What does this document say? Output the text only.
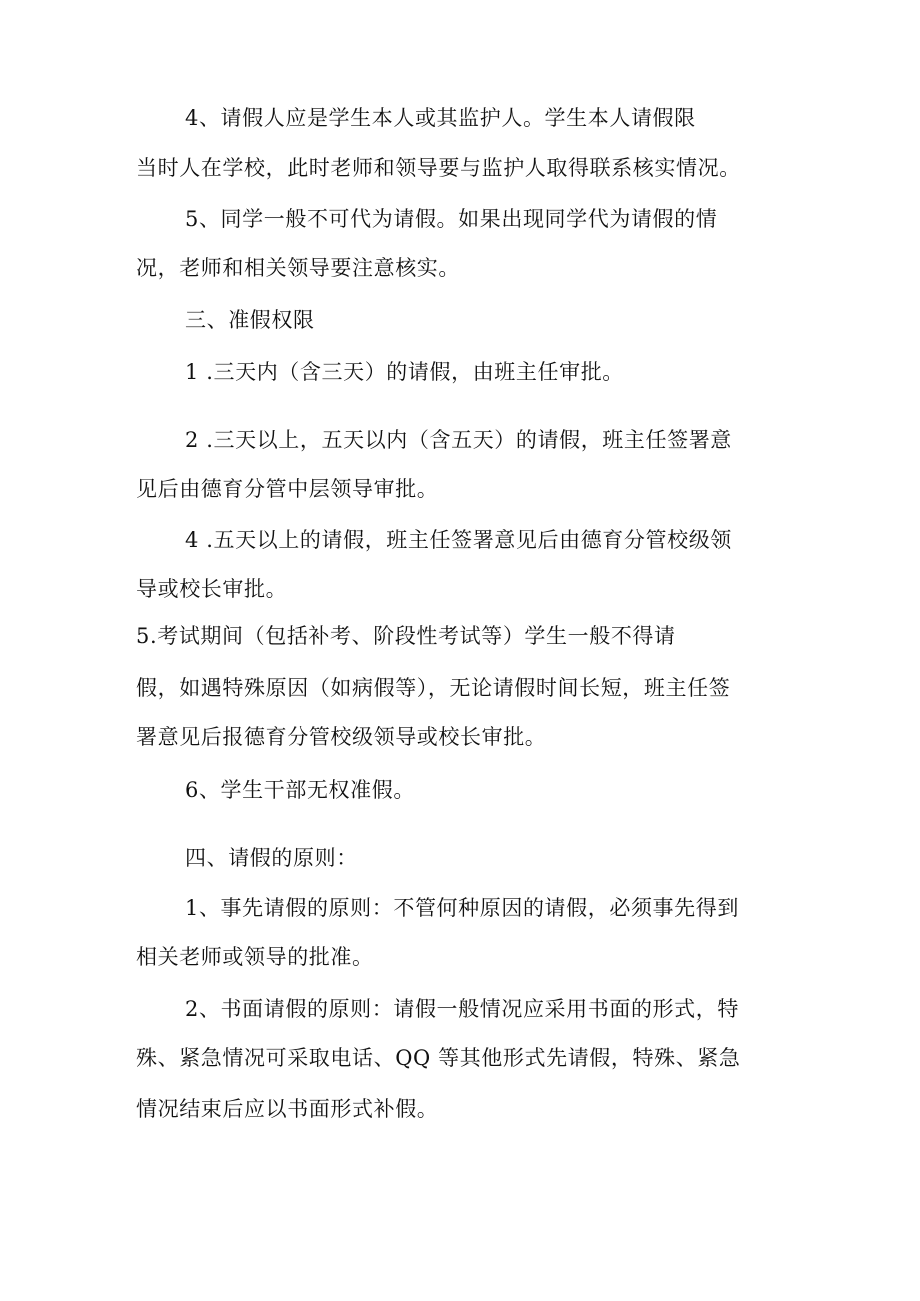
4、请假人应是学生本人或其监护人。学生本人请假限
当时人在学校，此时老师和领导要与监护人取得联系核实情况。
5、同学一般不可代为请假。如果出现同学代为请假的情
况，老师和相关领导要注意核实。
三、准假权限
1 .三天内（含三天）的请假，由班主任审批。
2 .三天以上，五天以内（含五天）的请假，班主任签署意
见后由德育分管中层领导审批。
4 .五天以上的请假，班主任签署意见后由德育分管校级领
导或校长审批。
5.考试期间（包括补考、阶段性考试等）学生一般不得请
假，如遇特殊原因（如病假等），无论请假时间长短，班主任签
署意见后报德育分管校级领导或校长审批。
6、学生干部无权准假。
四、请假的原则：
1、事先请假的原则：不管何种原因的请假，必须事先得到
相关老师或领导的批准。
2、书面请假的原则：请假一般情况应采用书面的形式，特
殊、紧急情况可采取电话、QQ 等其他形式先请假，特殊、紧急
情况结束后应以书面形式补假。
